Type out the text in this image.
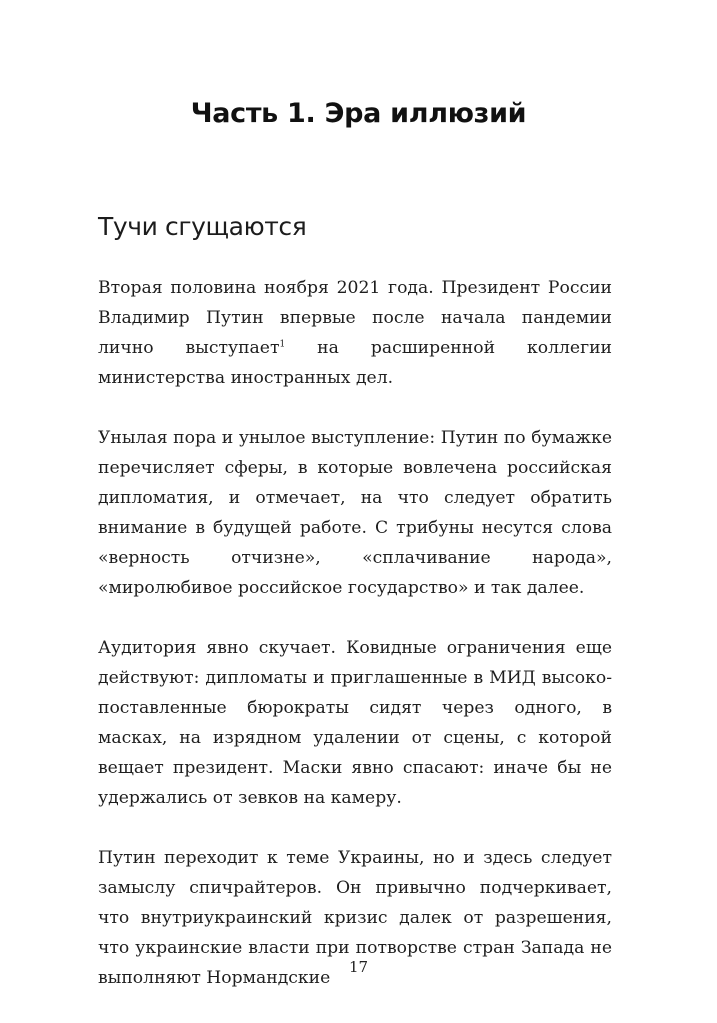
Часть 1. Эра иллюзий
Тучи сгущаются

Вторая половина ноября 2021 года. Президент России Владимир Путин впервые после начала пандемии лично выступает$^1$ на расширенной коллегии министерства иностранных дел.

Унылая пора и унылое выступление: Путин по бумажке перечисляет сферы, в которые вовлечена российская дипломатия, и отмечает, на что следует обратить внимание в будущей работе. С трибуны несутся слова «верность отчизне», «сплачивание народа», «миролюбивое российское государство» и так далее.

Аудитория явно скучает. Ковидные ограничения еще действуют: дипломаты и приглашенные в МИД высокопоставленные бюрократы сидят через одного, в масках, на изрядном удалении от сцены, с которой вещает президент. Маски явно спасают: иначе бы не удержались от зевков на камеру.

Путин переходит к теме Украины, но и здесь следует замыслу спичрайтеров. Он привычно подчеркивает, что внутриукраинский кризис далек от разрешения, что украинские власти при потворстве стран Запада не выполняют Нормандские

17
